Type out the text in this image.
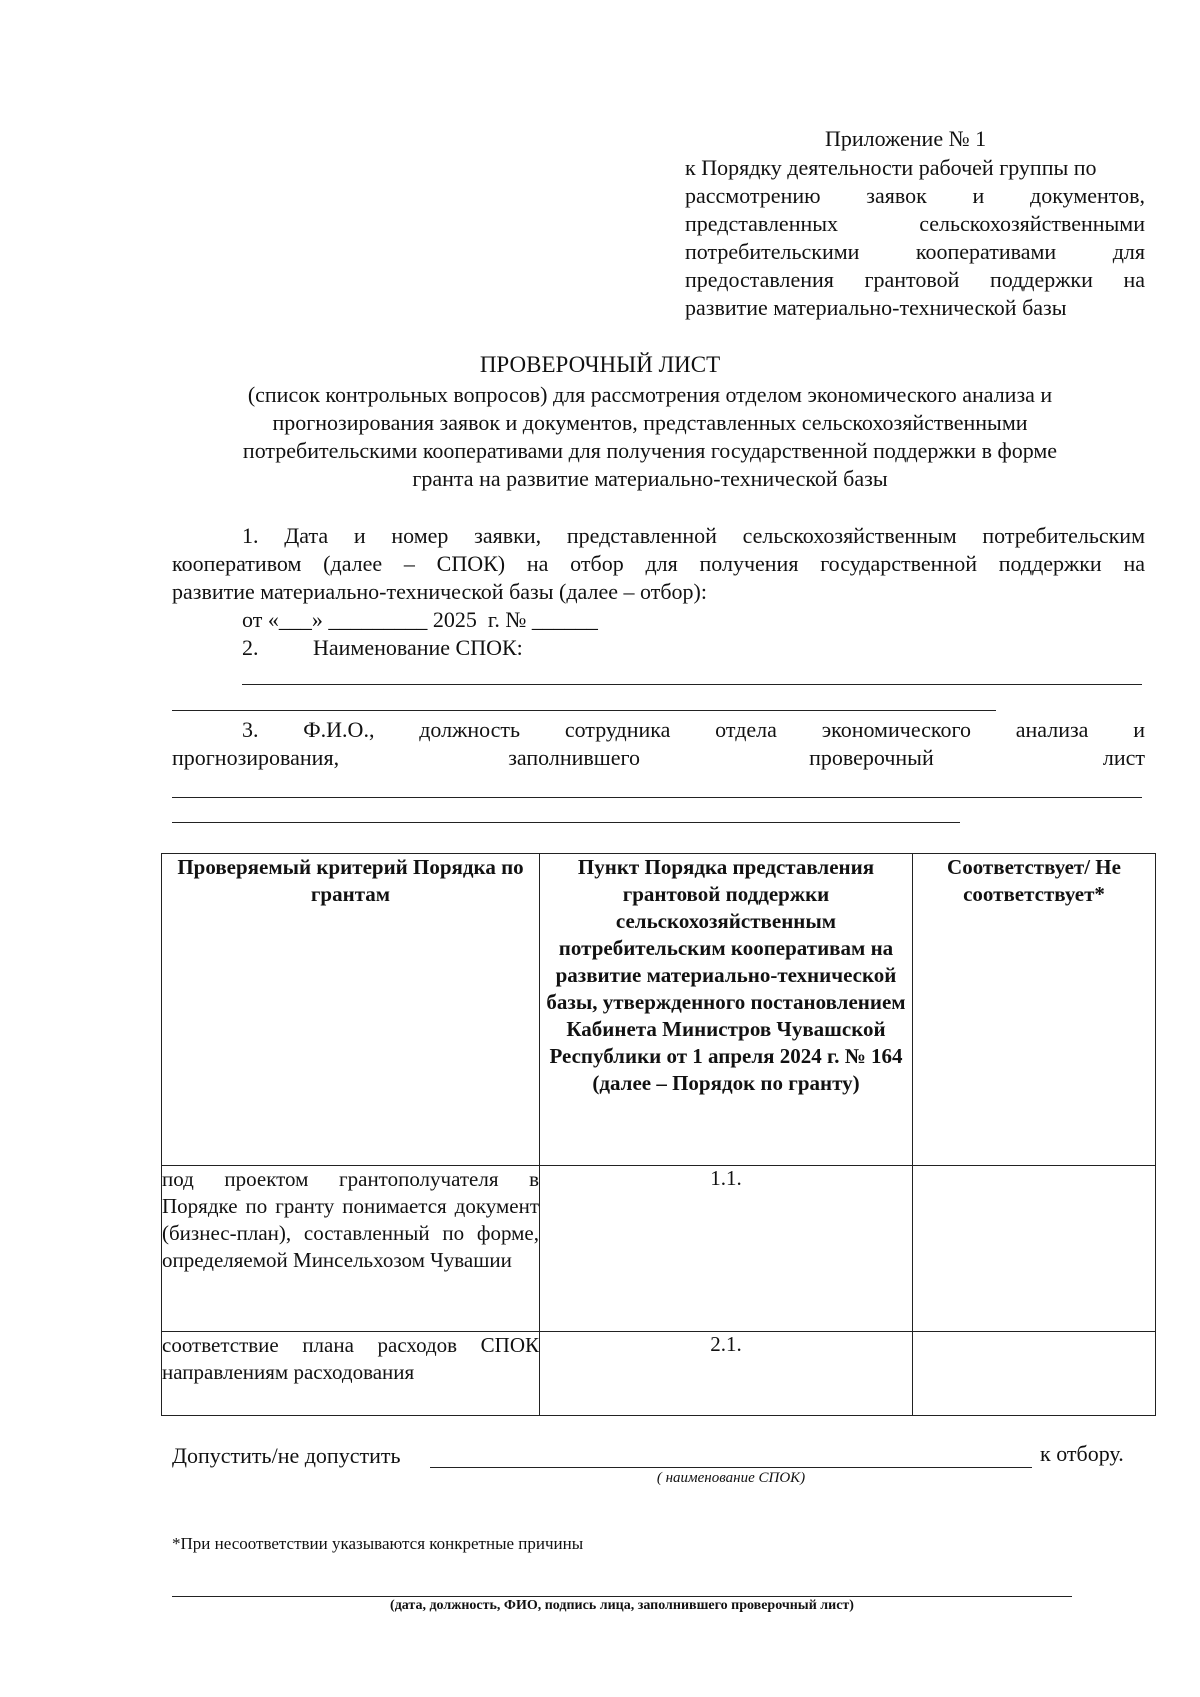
Приложение № 1
к Порядку деятельности рабочей группы по
рассмотрению заявок и документов,
представленных сельскохозяйственными
потребительскими кооперативами для
предоставления грантовой поддержки на
развитие материально-технической базы
ПРОВЕРОЧНЫЙ ЛИСТ
(список контрольных вопросов) для рассмотрения отделом экономического анализа и
прогнозирования заявок и документов, представленных сельскохозяйственными
потребительскими кооперативами для получения государственной поддержки в форме
гранта на развитие материально-технической базы
1. Дата и номер заявки, представленной сельскохозяйственным потребительским
кооперативом (далее – СПОК) на отбор для получения государственной поддержки на
развитие материально-технической базы (далее – отбор):
от «___» _________ 2025  г. № ______
2. Наименование СПОК:
3. Ф.И.О., должность сотрудника отдела экономического анализа и
прогнозирования, заполнившего проверочный лист
Проверяемый критерий Порядка по грантам	Пункт Порядка представления грантовой поддержки сельскохозяйственным потребительским кооперативам на развитие материально-технической базы, утвержденного постановлением Кабинета Министров Чувашской Республики от 1 апреля 2024 г. № 164 (далее – Порядок по гранту)	Соответствует/ Не соответствует*
под проектом грантополучателя в Порядке по гранту понимается документ (бизнес-план), составленный по форме, определяемой Минсельхозом Чувашии	1.1.	
соответствие плана расходов СПОК направлениям расходования	2.1.	
Допустить/не допустить	к отбору.
( наименование СПОК)
*При несоответствии указываются конкретные причины
(дата, должность, ФИО, подпись лица, заполнившего проверочный лист)
